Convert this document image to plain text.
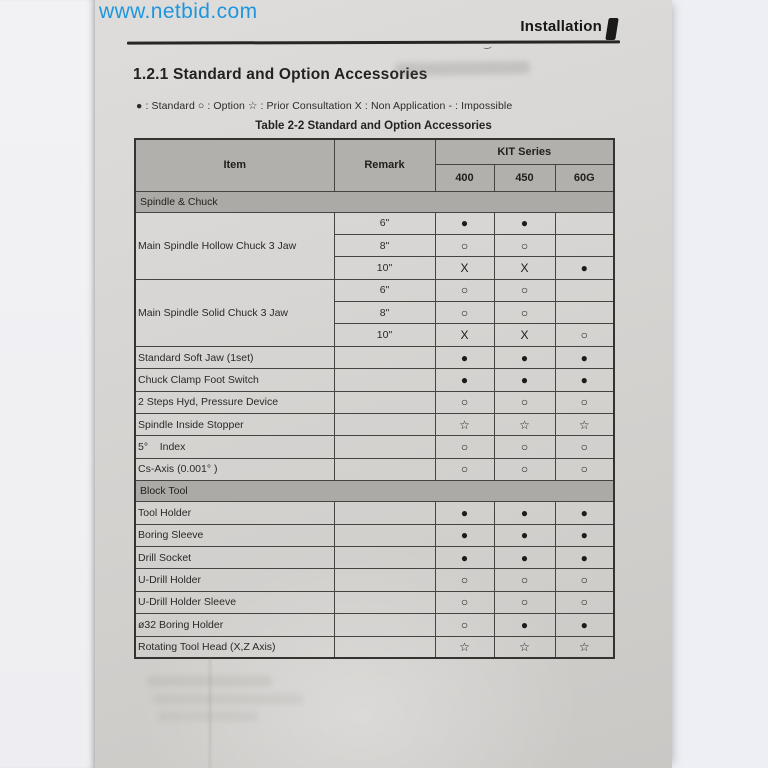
www.netbid.com
Installation
1.2.1 Standard and Option Accessories
● : Standard ○ : Option ☆ : Prior Consultation X : Non Application - : Impossible
Table 2-2 Standard and Option Accessories
Item	Remark	KIT Series		
		400	450	60G
Spindle & Chuck				
Main Spindle Hollow Chuck 3 Jaw	6"	●	●	
	8"	○	○	
	10"	X	X	●
Main Spindle Solid Chuck 3 Jaw	6"	○	○	
	8"	○	○	
	10"	X	X	○
Standard Soft Jaw (1set)		●	●	●
Chuck Clamp Foot Switch		●	●	●
2 Steps Hyd, Pressure Device		○	○	○
Spindle Inside Stopper		☆	☆	☆
5°    Index		○	○	○
Cs-Axis (0.001° )		○	○	○
Block Tool				
Tool Holder		●	●	●
Boring Sleeve		●	●	●
Drill Socket		●	●	●
U-Drill Holder		○	○	○
U-Drill Holder Sleeve		○	○	○
ø32 Boring Holder		○	●	●
Rotating Tool Head (X,Z Axis)		☆	☆	☆
